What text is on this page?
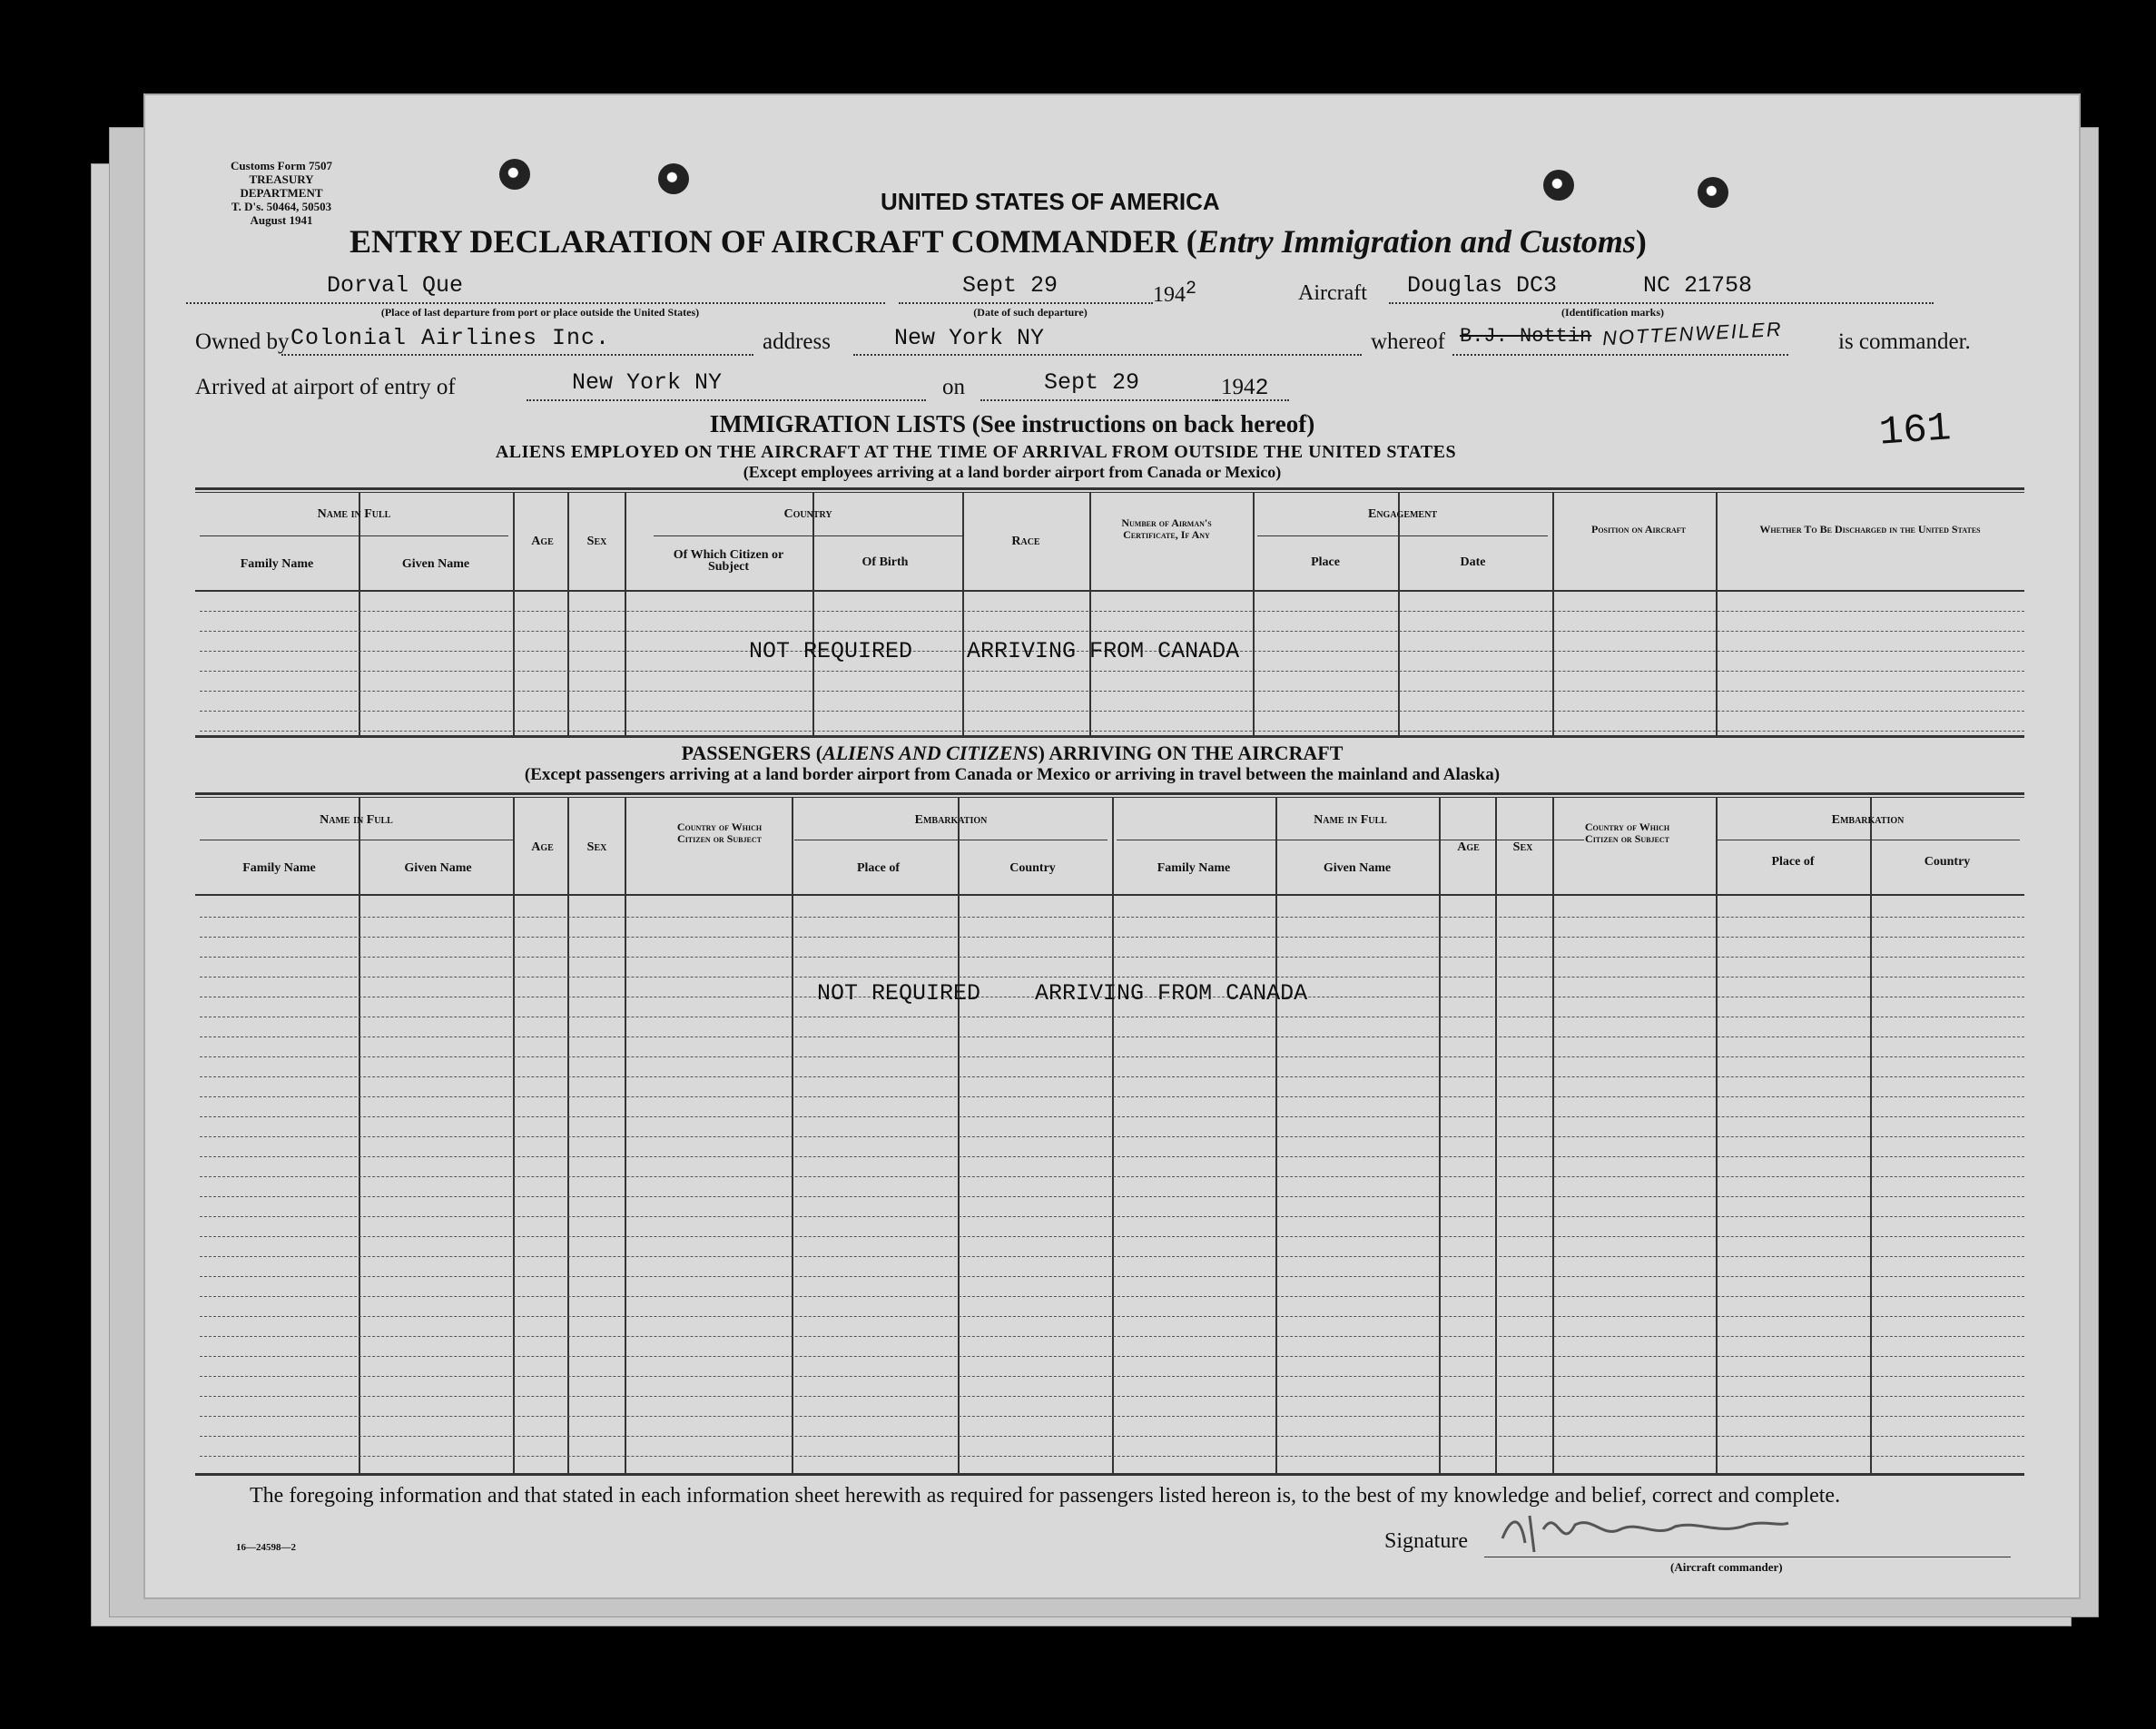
Customs Form 7507
TREASURY DEPARTMENT
T. D's. 50464, 50503
August 1941
UNITED STATES OF AMERICA
ENTRY DECLARATION OF AIRCRAFT COMMANDER (Entry Immigration and Customs)
Dorval Que
(Place of last departure from port or place outside the United States)
Sept 29
(Date of such departure)
$194^2$	Aircraft Douglas DC3	NC 21758
(Identification marks)
Owned by Colonial Airlines Inc.	address	New York NY	whereof B.J. Nottin NOTTENWEILER is commander.
Arrived at airport of entry of	New York NY	on	Sept 29	1942
161
IMMIGRATION LISTS (See instructions on back hereof)
ALIENS EMPLOYED ON THE AIRCRAFT AT THE TIME OF ARRIVAL FROM OUTSIDE THE UNITED STATES
(Except employees arriving at a land border airport from Canada or Mexico)
Name in Full
Family Name	Given Name
Age	Sex
Country
Of Which Citizen or Subject	Of Birth
Race
Number of Airman's Certificate, If Any
Engagement
Place	Date
Position on Aircraft	Whether To Be Discharged in the United States
NOT REQUIRED    ARRIVING FROM CANADA
PASSENGERS (ALIENS AND CITIZENS) ARRIVING ON THE AIRCRAFT
(Except passengers arriving at a land border airport from Canada or Mexico or arriving in travel between the mainland and Alaska)
Name in Full
Family Name	Given Name
Age	Sex
Country of Which Citizen or Subject
Embarkation
Place of	Country
Name in Full
Family Name	Given Name
Age	Sex
Country of Which Citizen or Subject
Embarkation
Place of	Country
NOT REQUIRED    ARRIVING FROM CANADA
The foregoing information and that stated in each information sheet herewith as required for passengers listed hereon is, to the best of my knowledge and belief, correct and complete.
16—24598—2	Signature
(Aircraft commander)
